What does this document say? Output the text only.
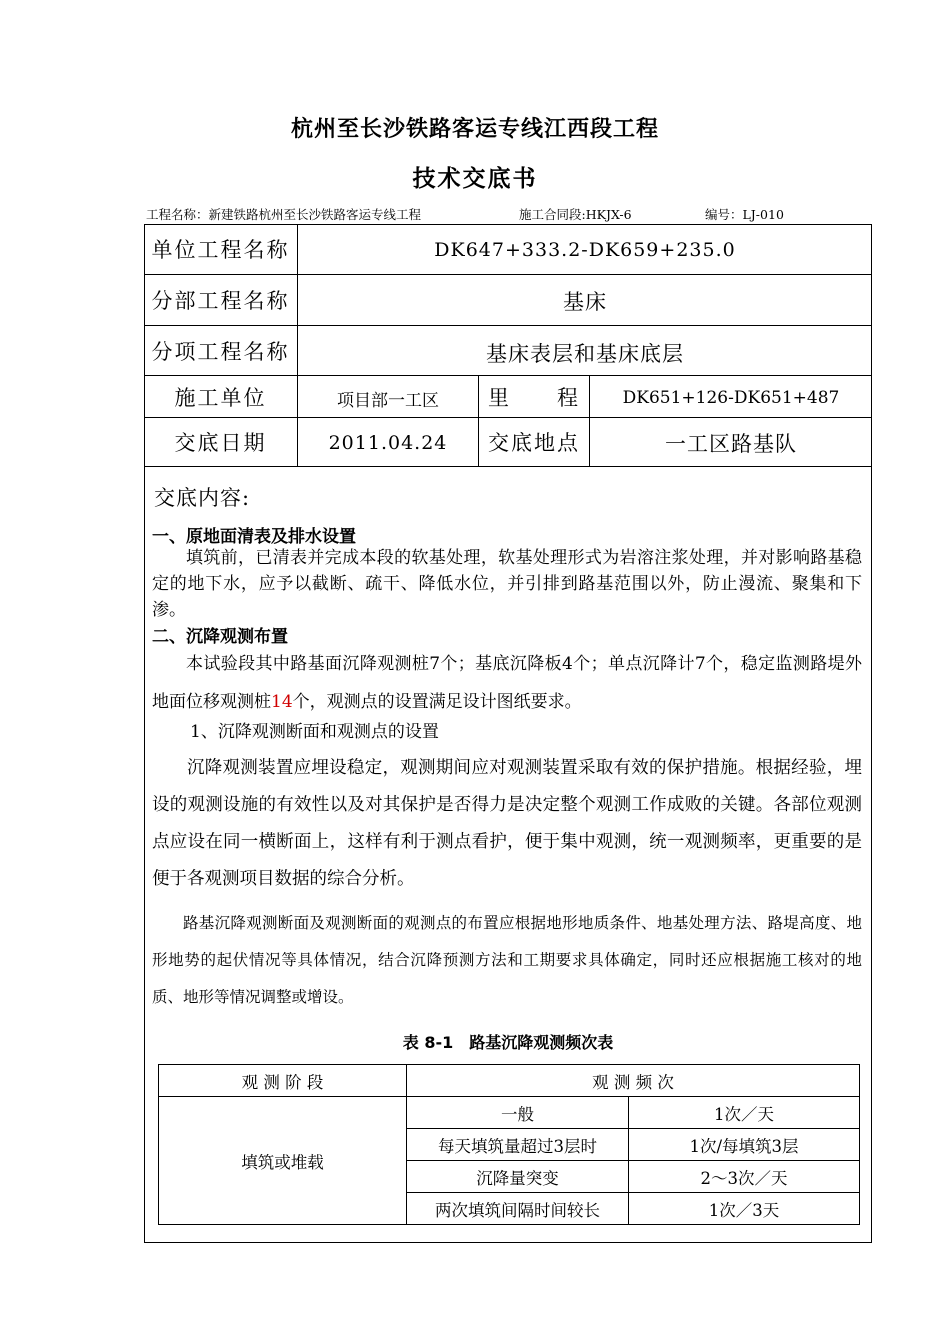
杭州至长沙铁路客运专线江西段工程
技术交底书
工程名称：新建铁路杭州至长沙铁路客运专线工程	施工合同段:HKJX-6	编号：LJ-010
单位工程名称	DK647+333.2-DK659+235.0
分部工程名称	基床
分项工程名称	基床表层和基床底层
施工单位	项目部一工区	里　　程	DK651+126-DK651+487
交底日期	2011.04.24	交底地点	一工区路基队
交底内容:
一、原地面清表及排水设置

填筑前，已清表并完成本段的软基处理，软基处理形式为岩溶注浆处理，并对影响路基稳定的地下水，应予以截断、疏干、降低水位，并引排到路基范围以外，防止漫流、聚集和下渗。

二、沉降观测布置

本试验段其中路基面沉降观测桩7个；基底沉降板4个；单点沉降计7个，稳定监测路堤外地面位移观测桩14个，观测点的设置满足设计图纸要求。

1、沉降观测断面和观测点的设置

沉降观测装置应埋设稳定，观测期间应对观测装置采取有效的保护措施。根据经验，埋设的观测设施的有效性以及对其保护是否得力是决定整个观测工作成败的关键。各部位观测点应设在同一横断面上，这样有利于测点看护，便于集中观测，统一观测频率，更重要的是便于各观测项目数据的综合分析。

路基沉降观测断面及观测断面的观测点的布置应根据地形地质条件、地基处理方法、路堤高度、地形地势的起伏情况等具体情况，结合沉降预测方法和工期要求具体确定，同时还应根据施工核对的地质、地形等情况调整或增设。

表 8-1　路基沉降观测频次表
观 测 阶 段	观 测 频 次
填筑或堆载
一般	1次／天
每天填筑量超过3层时	1次/每填筑3层
沉降量突变	2～3次／天
两次填筑间隔时间较长	1次／3天
